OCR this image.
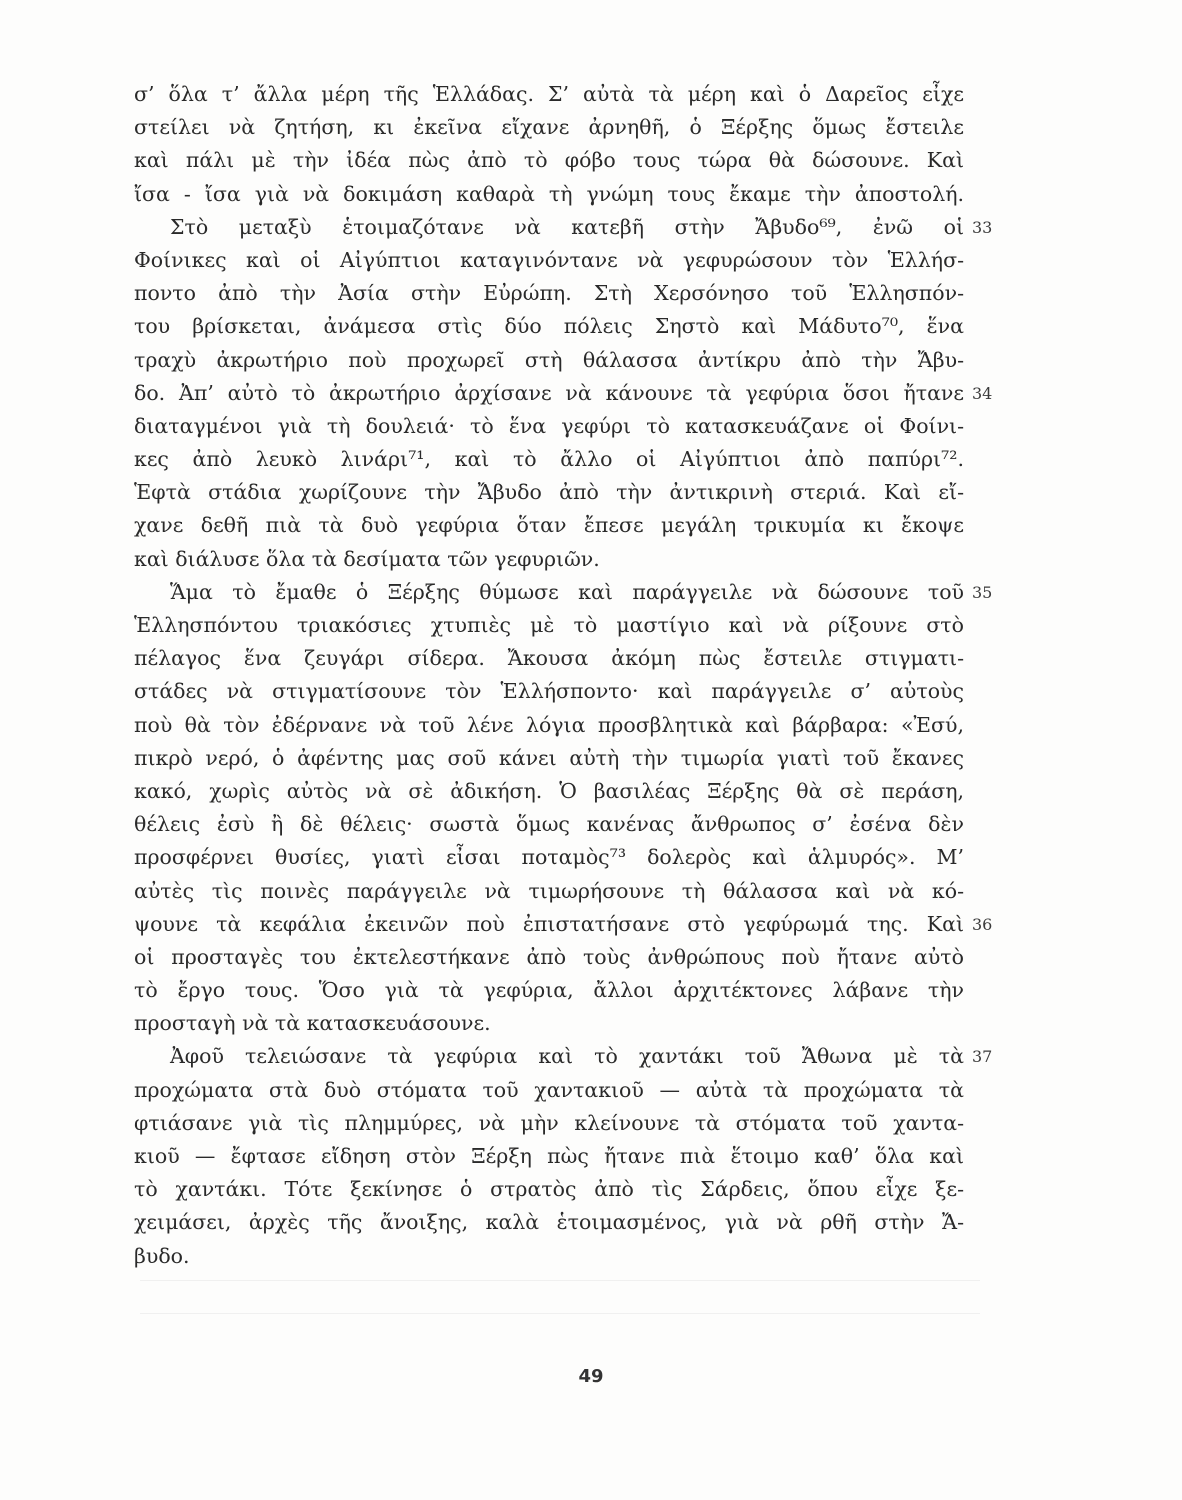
σ’ ὅλα τ’ ἄλλα μέρη τῆς Ἑλλάδας. Σ’ αὐτὰ τὰ μέρη καὶ ὁ Δαρεῖος εἶχε
στείλει νὰ ζητήση, κι ἐκεῖνα εἴχανε ἀρνηθῆ, ὁ Ξέρξης ὅμως ἔστειλε
καὶ πάλι μὲ τὴν ἰδέα πὼς ἀπὸ τὸ φόβο τους τώρα θὰ δώσουνε. Καὶ
ἴσα - ἴσα γιὰ νὰ δοκιμάση καθαρὰ τὴ γνώμη τους ἔκαμε τὴν ἀποστολή.
Στὸ μεταξὺ ἑτοιμαζότανε νὰ κατεβῆ στὴν Ἄβυδο⁶⁹, ἐνῶ οἱ 33
Φοίνικες καὶ οἱ Αἰγύπτιοι καταγινόντανε νὰ γεφυρώσουν τὸν Ἑλλήσ-
ποντο ἀπὸ τὴν Ἀσία στὴν Εὐρώπη. Στὴ Χερσόνησο τοῦ Ἑλλησπόν-
του βρίσκεται, ἀνάμεσα στὶς δύο πόλεις Σηστὸ καὶ Μάδυτο⁷⁰, ἕνα
τραχὺ ἀκρωτήριο ποὺ προχωρεῖ στὴ θάλασσα ἀντίκρυ ἀπὸ τὴν Ἄβυ-
δο. Ἀπ’ αὐτὸ τὸ ἀκρωτήριο ἀρχίσανε νὰ κάνουνε τὰ γεφύρια ὅσοι ἤτανε 34
διαταγμένοι γιὰ τὴ δουλειά· τὸ ἕνα γεφύρι τὸ κατασκευάζανε οἱ Φοίνι-
κες ἀπὸ λευκὸ λινάρι⁷¹, καὶ τὸ ἄλλο οἱ Αἰγύπτιοι ἀπὸ παπύρι⁷².
Ἑφτὰ στάδια χωρίζουνε τὴν Ἄβυδο ἀπὸ τὴν ἀντικρινὴ στεριά. Καὶ εἴ-
χανε δεθῆ πιὰ τὰ δυὸ γεφύρια ὅταν ἔπεσε μεγάλη τρικυμία κι ἔκοψε
καὶ διάλυσε ὅλα τὰ δεσίματα τῶν γεφυριῶν.
Ἅμα τὸ ἔμαθε ὁ Ξέρξης θύμωσε καὶ παράγγειλε νὰ δώσουνε τοῦ 35
Ἑλλησπόντου τριακόσιες χτυπιὲς μὲ τὸ μαστίγιο καὶ νὰ ρίξουνε στὸ
πέλαγος ἕνα ζευγάρι σίδερα. Ἄκουσα ἀκόμη πὼς ἔστειλε στιγματι-
στάδες νὰ στιγματίσουνε τὸν Ἑλλήσποντο· καὶ παράγγειλε σ’ αὐτοὺς
ποὺ θὰ τὸν ἐδέρνανε νὰ τοῦ λένε λόγια προσβλητικὰ καὶ βάρβαρα: «Ἐσύ,
πικρὸ νερό, ὁ ἀφέντης μας σοῦ κάνει αὐτὴ τὴν τιμωρία γιατὶ τοῦ ἔκανες
κακό, χωρὶς αὐτὸς νὰ σὲ ἀδικήση. Ὁ βασιλέας Ξέρξης θὰ σὲ περάση,
θέλεις ἐσὺ ἢ δὲ θέλεις· σωστὰ ὅμως κανένας ἄνθρωπος σ’ ἐσένα δὲν
προσφέρνει θυσίες, γιατὶ εἶσαι ποταμὸς⁷³ δολερὸς καὶ ἁλμυρός». Μ’
αὐτὲς τὶς ποινὲς παράγγειλε νὰ τιμωρήσουνε τὴ θάλασσα καὶ νὰ κό-
ψουνε τὰ κεφάλια ἐκεινῶν ποὺ ἐπιστατήσανε στὸ γεφύρωμά της. Καὶ 36
οἱ προσταγὲς του ἐκτελεστήκανε ἀπὸ τοὺς ἀνθρώπους ποὺ ἤτανε αὐτὸ
τὸ ἔργο τους. Ὅσο γιὰ τὰ γεφύρια, ἄλλοι ἀρχιτέκτονες λάβανε τὴν
προσταγὴ νὰ τὰ κατασκευάσουνε.
Ἀφοῦ τελειώσανε τὰ γεφύρια καὶ τὸ χαντάκι τοῦ Ἄθωνα μὲ τὰ 37
προχώματα στὰ δυὸ στόματα τοῦ χαντακιοῦ — αὐτὰ τὰ προχώματα τὰ
φτιάσανε γιὰ τὶς πλημμύρες, νὰ μὴν κλείνουνε τὰ στόματα τοῦ χαντα-
κιοῦ — ἔφτασε εἴδηση στὸν Ξέρξη πὼς ἤτανε πιὰ ἕτοιμο καθ’ ὅλα καὶ
τὸ χαντάκι. Τότε ξεκίνησε ὁ στρατὸς ἀπὸ τὶς Σάρδεις, ὅπου εἶχε ξε-
χειμάσει, ἀρχὲς τῆς ἄνοιξης, καλὰ ἑτοιμασμένος, γιὰ νὰ ρθῆ στὴν Ἄ-
βυδο.
49
